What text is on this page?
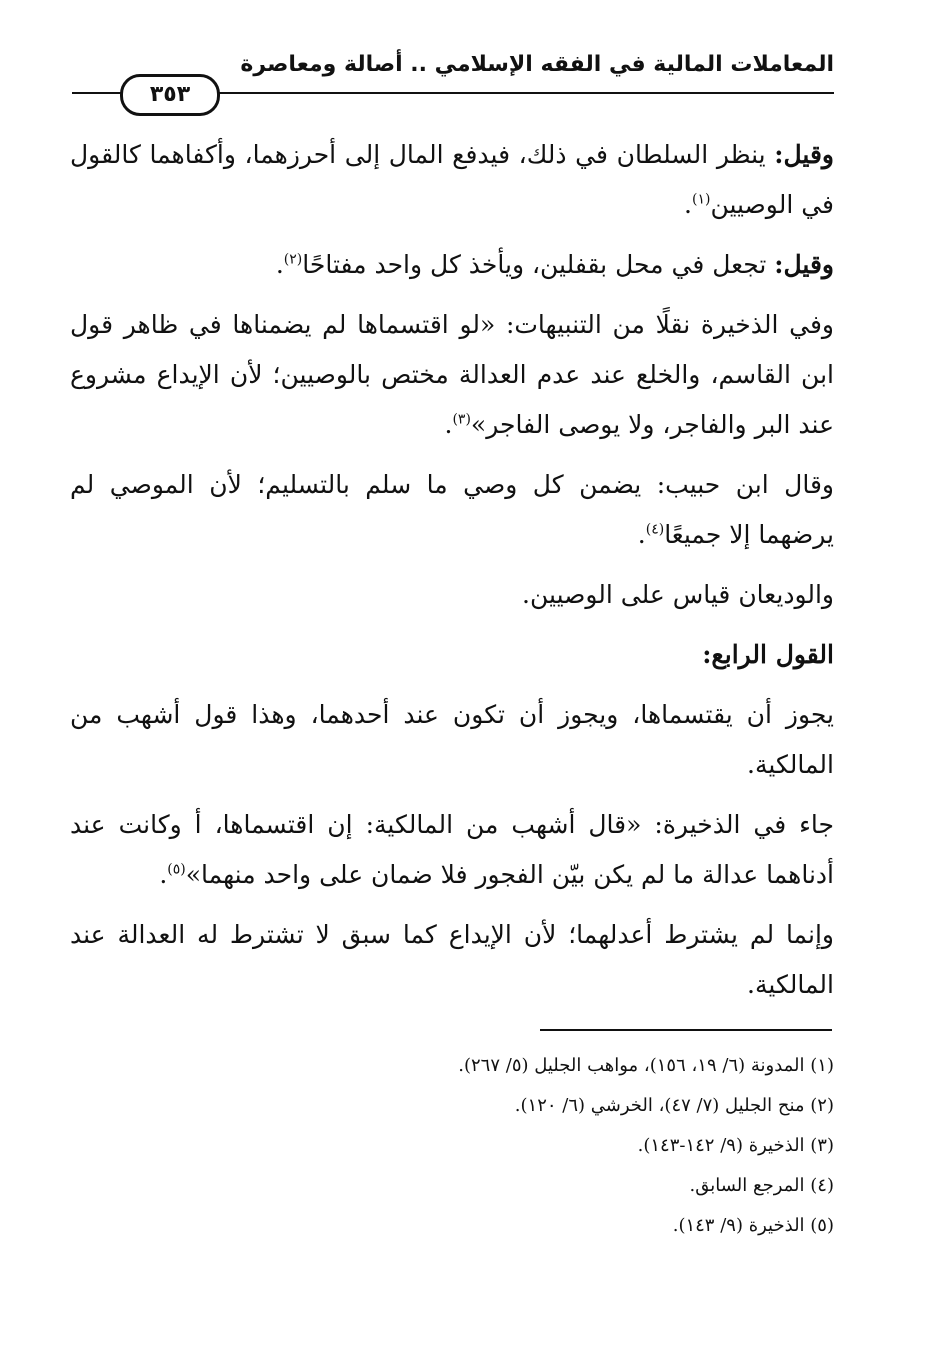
المعاملات المالية في الفقه الإسلامي .. أصالة ومعاصرة
٣٥٣

وقيل: ينظر السلطان في ذلك، فيدفع المال إلى أحرزهما، وأكفاهما كالقول في الوصيين$^{(١)}$.

وقيل: تجعل في محل بقفلين، ويأخذ كل واحد مفتاحًا$^{(٢)}$.

وفي الذخيرة نقلًا من التنبيهات: «لو اقتسماها لم يضمناها في ظاهر قول ابن القاسم، والخلع عند عدم العدالة مختص بالوصيين؛ لأن الإيداع مشروع عند البر والفاجر، ولا يوصى الفاجر»$^{(٣)}$.

وقال ابن حبيب: يضمن كل وصي ما سلم بالتسليم؛ لأن الموصي لم يرضهما إلا جميعًا$^{(٤)}$.

والوديعان قياس على الوصيين.

القول الرابع:

يجوز أن يقتسماها، ويجوز أن تكون عند أحدهما، وهذا قول أشهب من المالكية.

جاء في الذخيرة: «قال أشهب من المالكية: إن اقتسماها، أ وكانت عند أدناهما عدالة ما لم يكن بيّن الفجور فلا ضمان على واحد منهما»$^{(٥)}$.

وإنما لم يشترط أعدلهما؛ لأن الإيداع كما سبق لا تشترط له العدالة عند المالكية.

(١) المدونة (٦/ ١٩، ١٥٦)، مواهب الجليل (٥/ ٢٦٧).

(٢) منح الجليل (٧/ ٤٧)، الخرشي (٦/ ١٢٠).

(٣) الذخيرة (٩/ ١٤٢-١٤٣).

(٤) المرجع السابق.

(٥) الذخيرة (٩/ ١٤٣).
